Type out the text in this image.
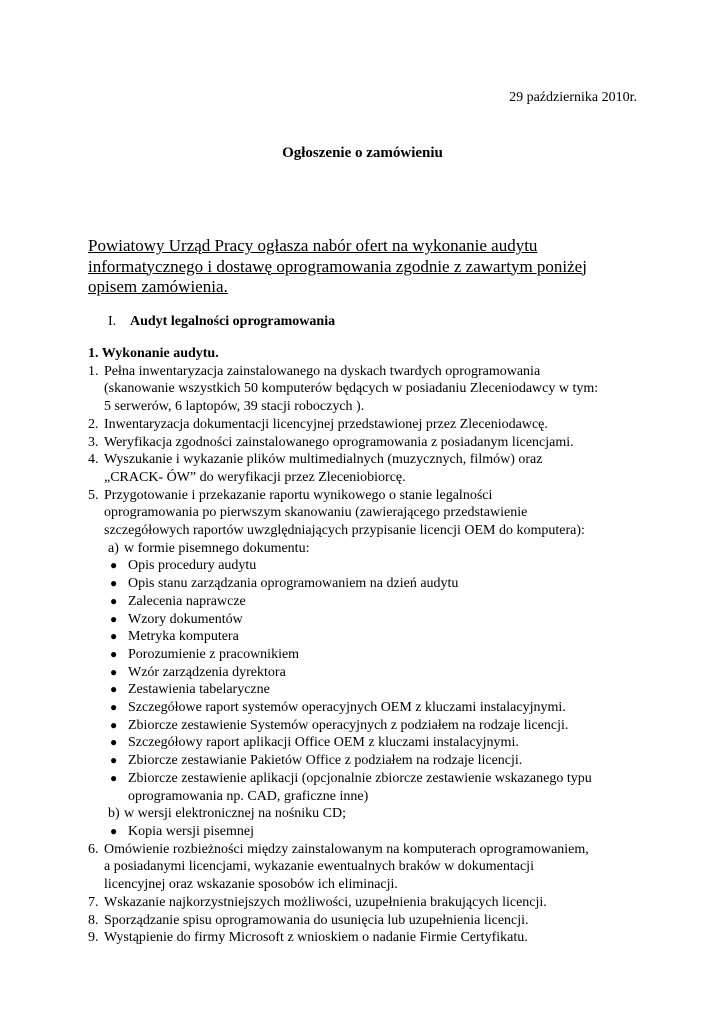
29 października 2010r.
Ogłoszenie o zamówieniu
Powiatowy Urząd Pracy ogłasza nabór ofert na wykonanie audytu
informatycznego i dostawę oprogramowania zgodnie z zawartym poniżej
opisem zamówienia.
I. Audyt legalności oprogramowania
1. Wykonanie audytu.
1. Pełna inwentaryzacja zainstalowanego na dyskach twardych oprogramowania
(skanowanie wszystkich 50 komputerów będących w posiadaniu Zleceniodawcy w tym:
5 serwerów, 6 laptopów, 39 stacji roboczych ).
2. Inwentaryzacja dokumentacji licencyjnej przedstawionej przez Zleceniodawcę.
3. Weryfikacja zgodności zainstalowanego oprogramowania z posiadanym licencjami.
4. Wyszukanie i wykazanie plików multimedialnych (muzycznych, filmów) oraz
„CRACK- ÓW” do weryfikacji przez Zleceniobiorcę.
5. Przygotowanie i przekazanie raportu wynikowego o stanie legalności
oprogramowania po pierwszym skanowaniu (zawierającego przedstawienie
szczegółowych raportów uwzględniających przypisanie licencji OEM do komputera):
a) w formie pisemnego dokumentu:
● Opis procedury audytu
● Opis stanu zarządzania oprogramowaniem na dzień audytu
● Zalecenia naprawcze
● Wzory dokumentów
● Metryka komputera
● Porozumienie z pracownikiem
● Wzór zarządzenia dyrektora
● Zestawienia tabelaryczne
● Szczegółowe raport systemów operacyjnych OEM z kluczami instalacyjnymi.
● Zbiorcze zestawienie Systemów operacyjnych z podziałem na rodzaje licencji.
● Szczegółowy raport aplikacji Office OEM z kluczami instalacyjnymi.
● Zbiorcze zestawianie Pakietów Office z podziałem na rodzaje licencji.
● Zbiorcze zestawienie aplikacji (opcjonalnie zbiorcze zestawienie wskazanego typu
oprogramowania np. CAD, graficzne inne)
b) w wersji elektronicznej na nośniku CD;
● Kopia wersji pisemnej
6. Omówienie rozbieżności między zainstalowanym na komputerach oprogramowaniem,
a posiadanymi licencjami, wykazanie ewentualnych braków w dokumentacji
licencyjnej oraz wskazanie sposobów ich eliminacji.
7. Wskazanie najkorzystniejszych możliwości, uzupełnienia brakujących licencji.
8. Sporządzanie spisu oprogramowania do usunięcia lub uzupełnienia licencji.
9. Wystąpienie do firmy Microsoft z wnioskiem o nadanie Firmie Certyfikatu.
